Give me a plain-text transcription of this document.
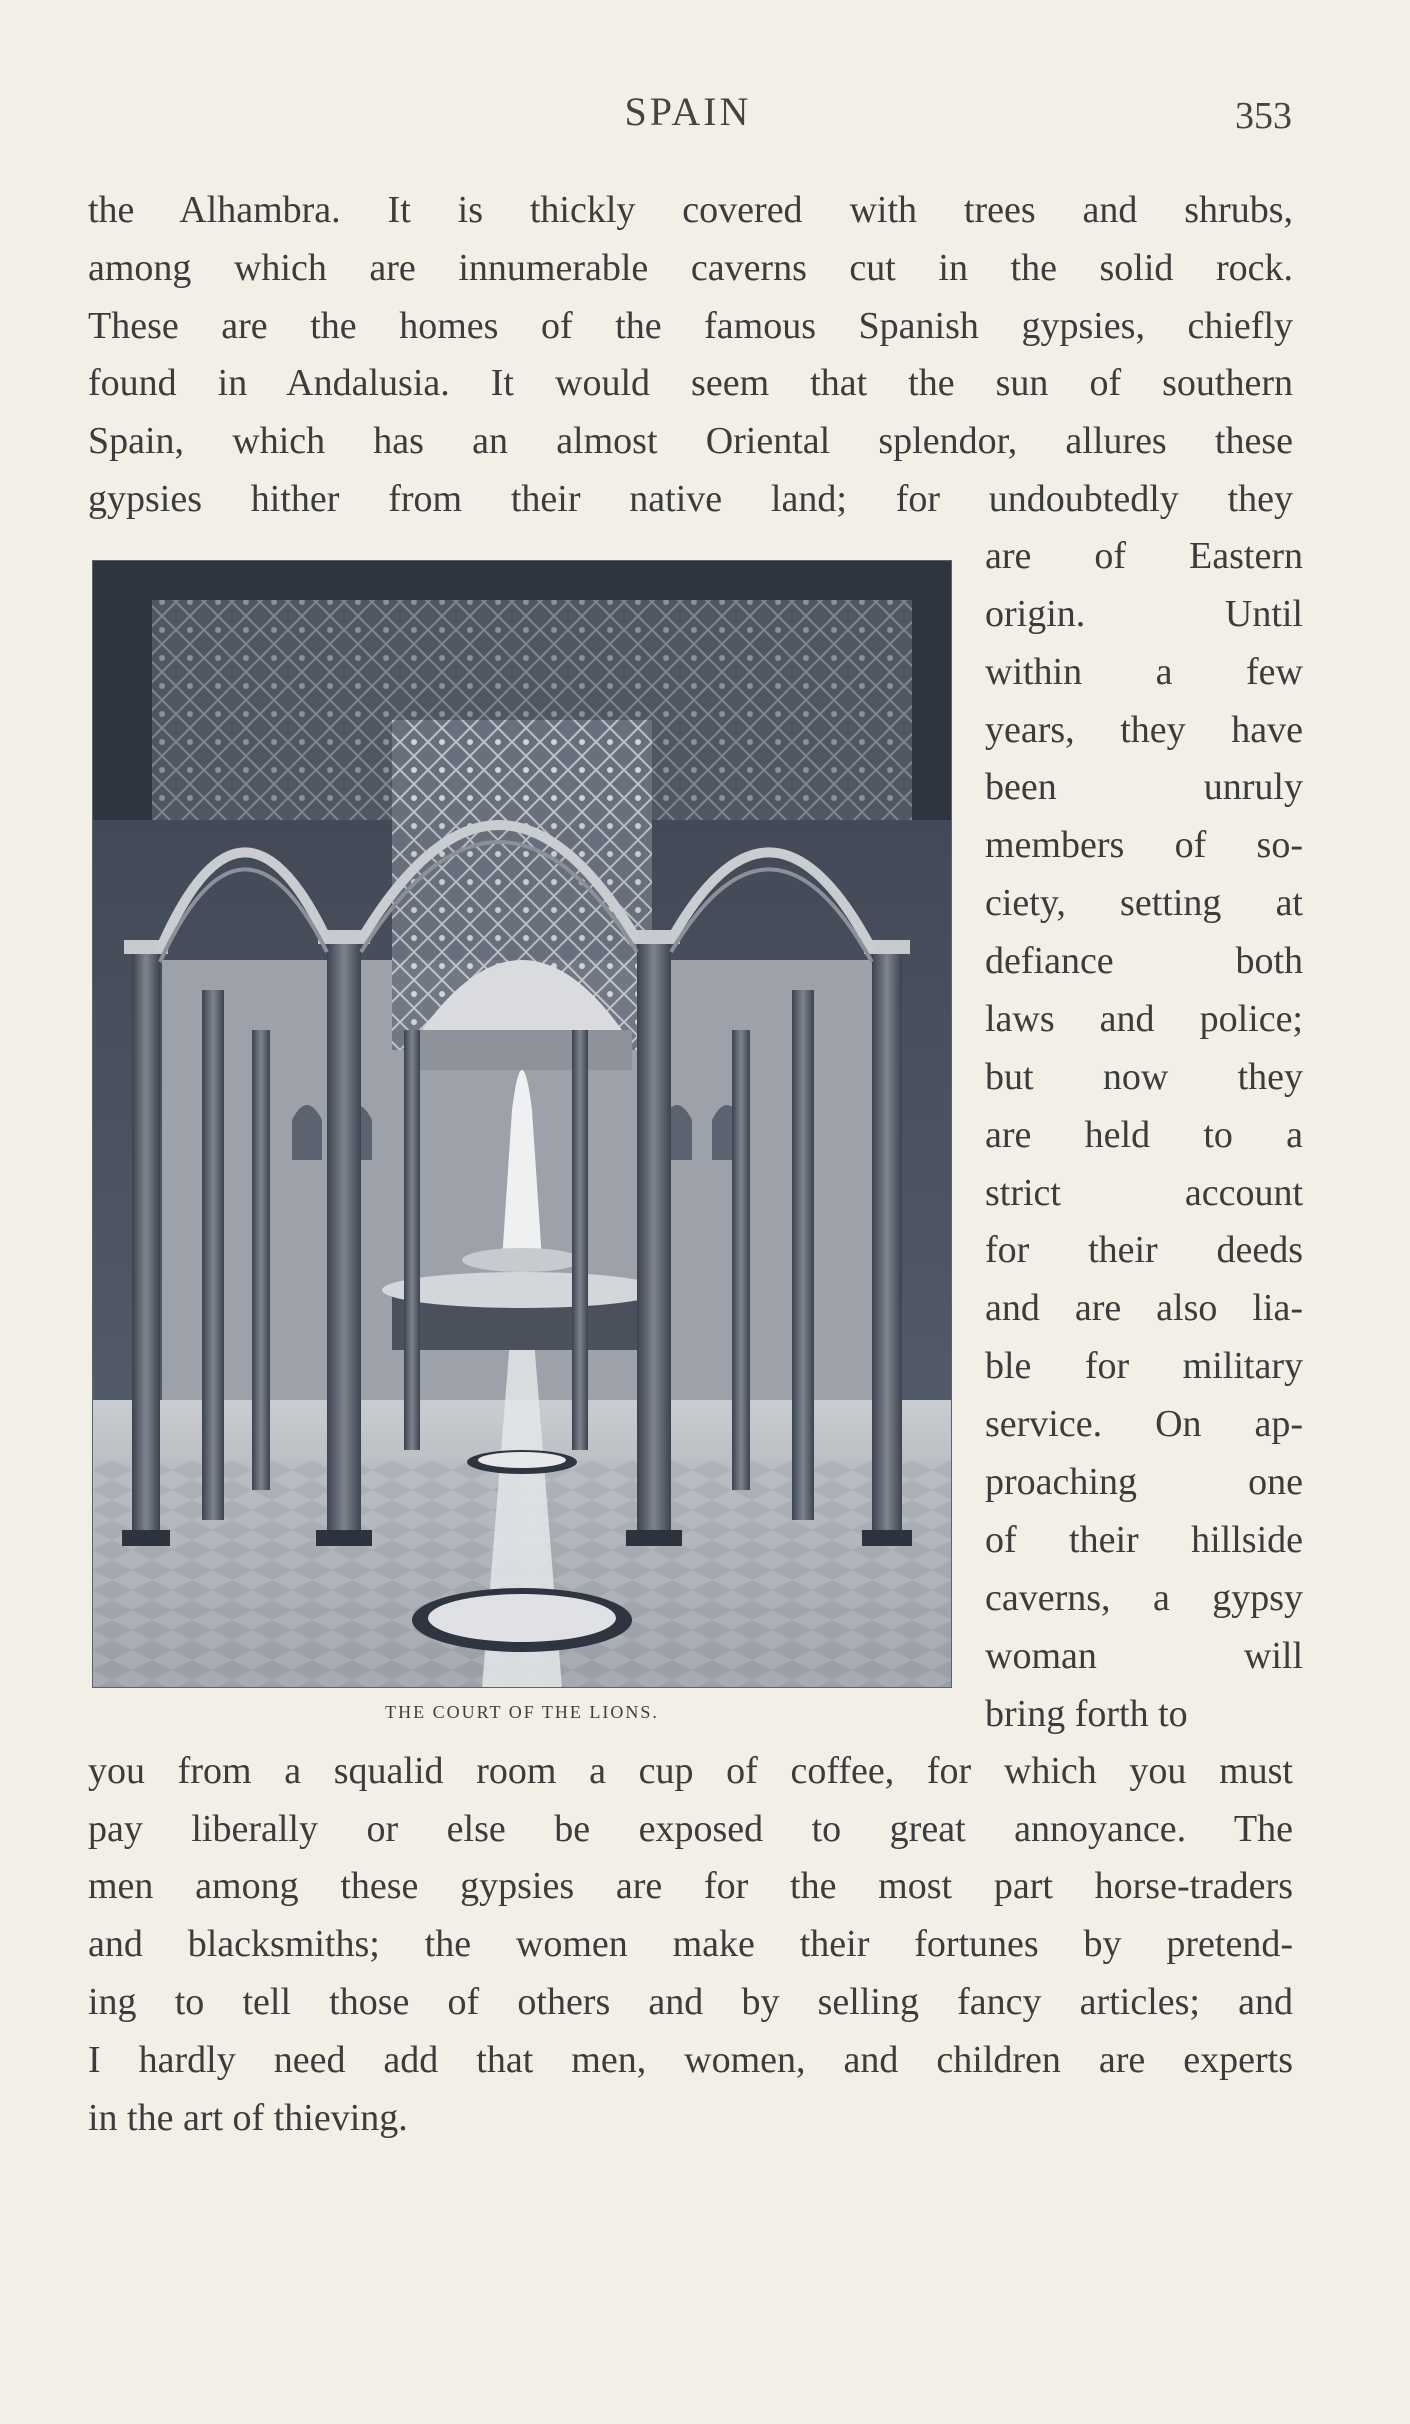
SPAIN	353
the Alhambra. It is thickly covered with trees and shrubs,
among which are innumerable caverns cut in the solid rock.
These are the homes of the famous Spanish gypsies, chiefly
found in Andalusia. It would seem that the sun of southern
Spain, which has an almost Oriental splendor, allures these
gypsies hither from their native land; for undoubtedly they
are of Eastern
origin. Until
within a few
years, they have
been unruly
members of so-
ciety, setting at
defiance both
laws and police;
but now they
are held to a
strict account
for their deeds
and are also lia-
ble for military
service. On ap-
proaching one
of their hillside
caverns, a gypsy
woman will
bring forth to
THE COURT OF THE LIONS.
you from a squalid room a cup of coffee, for which you must
pay liberally or else be exposed to great annoyance. The
men among these gypsies are for the most part horse-traders
and blacksmiths; the women make their fortunes by pretend-
ing to tell those of others and by selling fancy articles; and
I hardly need add that men, women, and children are experts
in the art of thieving.
